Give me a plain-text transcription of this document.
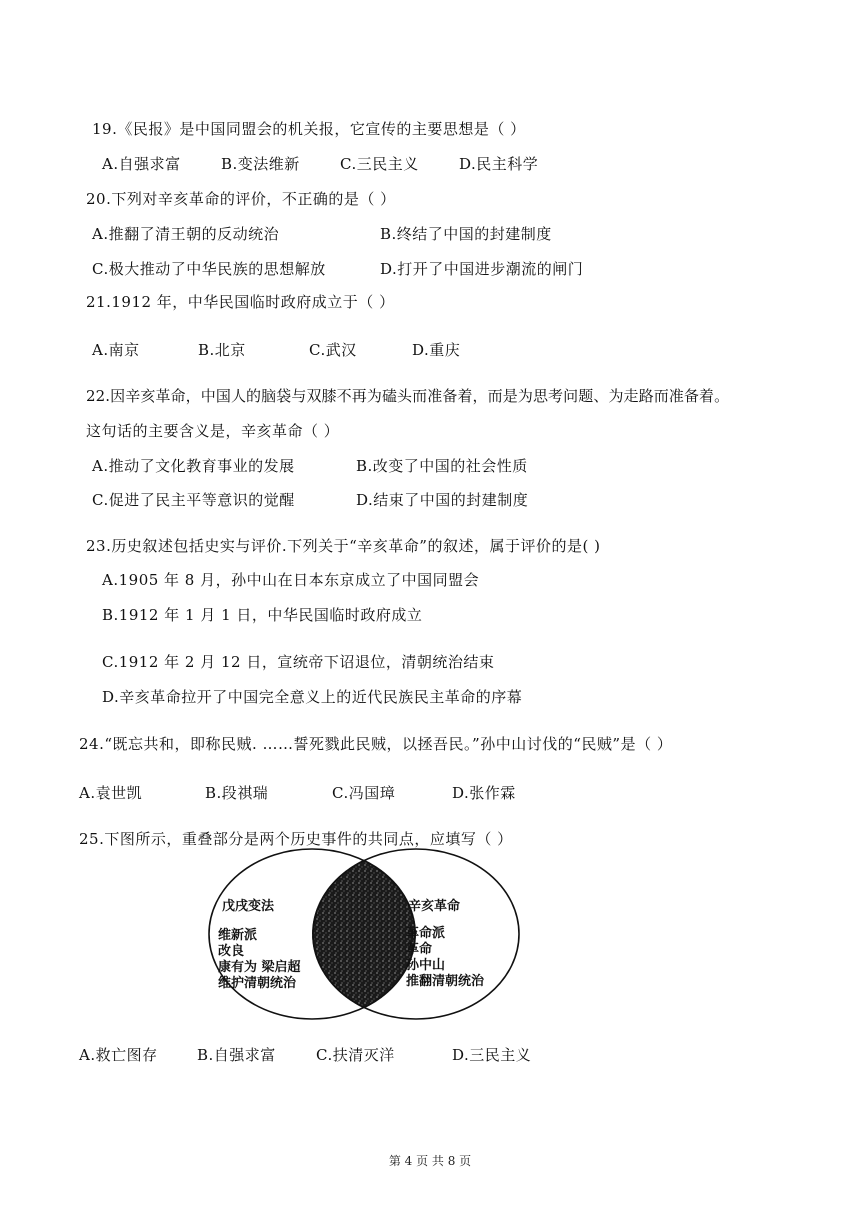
19.《民报》是中国同盟会的机关报，它宣传的主要思想是（ ）
A.自强求富	B.变法维新	C.三民主义	D.民主科学
20.下列对辛亥革命的评价，不正确的是（ ）
A.推翻了清王朝的反动统治	B.终结了中国的封建制度
C.极大推动了中华民族的思想解放	D.打开了中国进步潮流的闸门
21.1912 年，中华民国临时政府成立于（ ）
A.南京	B.北京	C.武汉	D.重庆
22.因辛亥革命，中国人的脑袋与双膝不再为磕头而准备着，而是为思考问题、为走路而准备着。
这句话的主要含义是，辛亥革命（ ）
A.推动了文化教育事业的发展	B.改变了中国的社会性质
C.促进了民主平等意识的觉醒	D.结束了中国的封建制度
23.历史叙述包括史实与评价.下列关于“辛亥革命”的叙述，属于评价的是( )
A.1905 年 8 月，孙中山在日本东京成立了中国同盟会
B.1912 年 1 月 1 日，中华民国临时政府成立
C.1912 年 2 月 12 日，宣统帝下诏退位，清朝统治结束
D.辛亥革命拉开了中国完全意义上的近代民族民主革命的序幕
24.“既忘共和，即称民贼. ……誓死戮此民贼，以拯吾民。”孙中山讨伐的“民贼”是（ ）
A.袁世凯	B.段祺瑞	C.冯国璋	D.张作霖
25.下图所示，重叠部分是两个历史事件的共同点，应填写（ ）
戊戌变法
维新派
改良
康有为 梁启超
维护清朝统治
辛亥革命
革命派
革命
孙中山
推翻清朝统治
A.救亡图存	B.自强求富	C.扶清灭洋	D.三民主义
第 4 页 共 8 页
